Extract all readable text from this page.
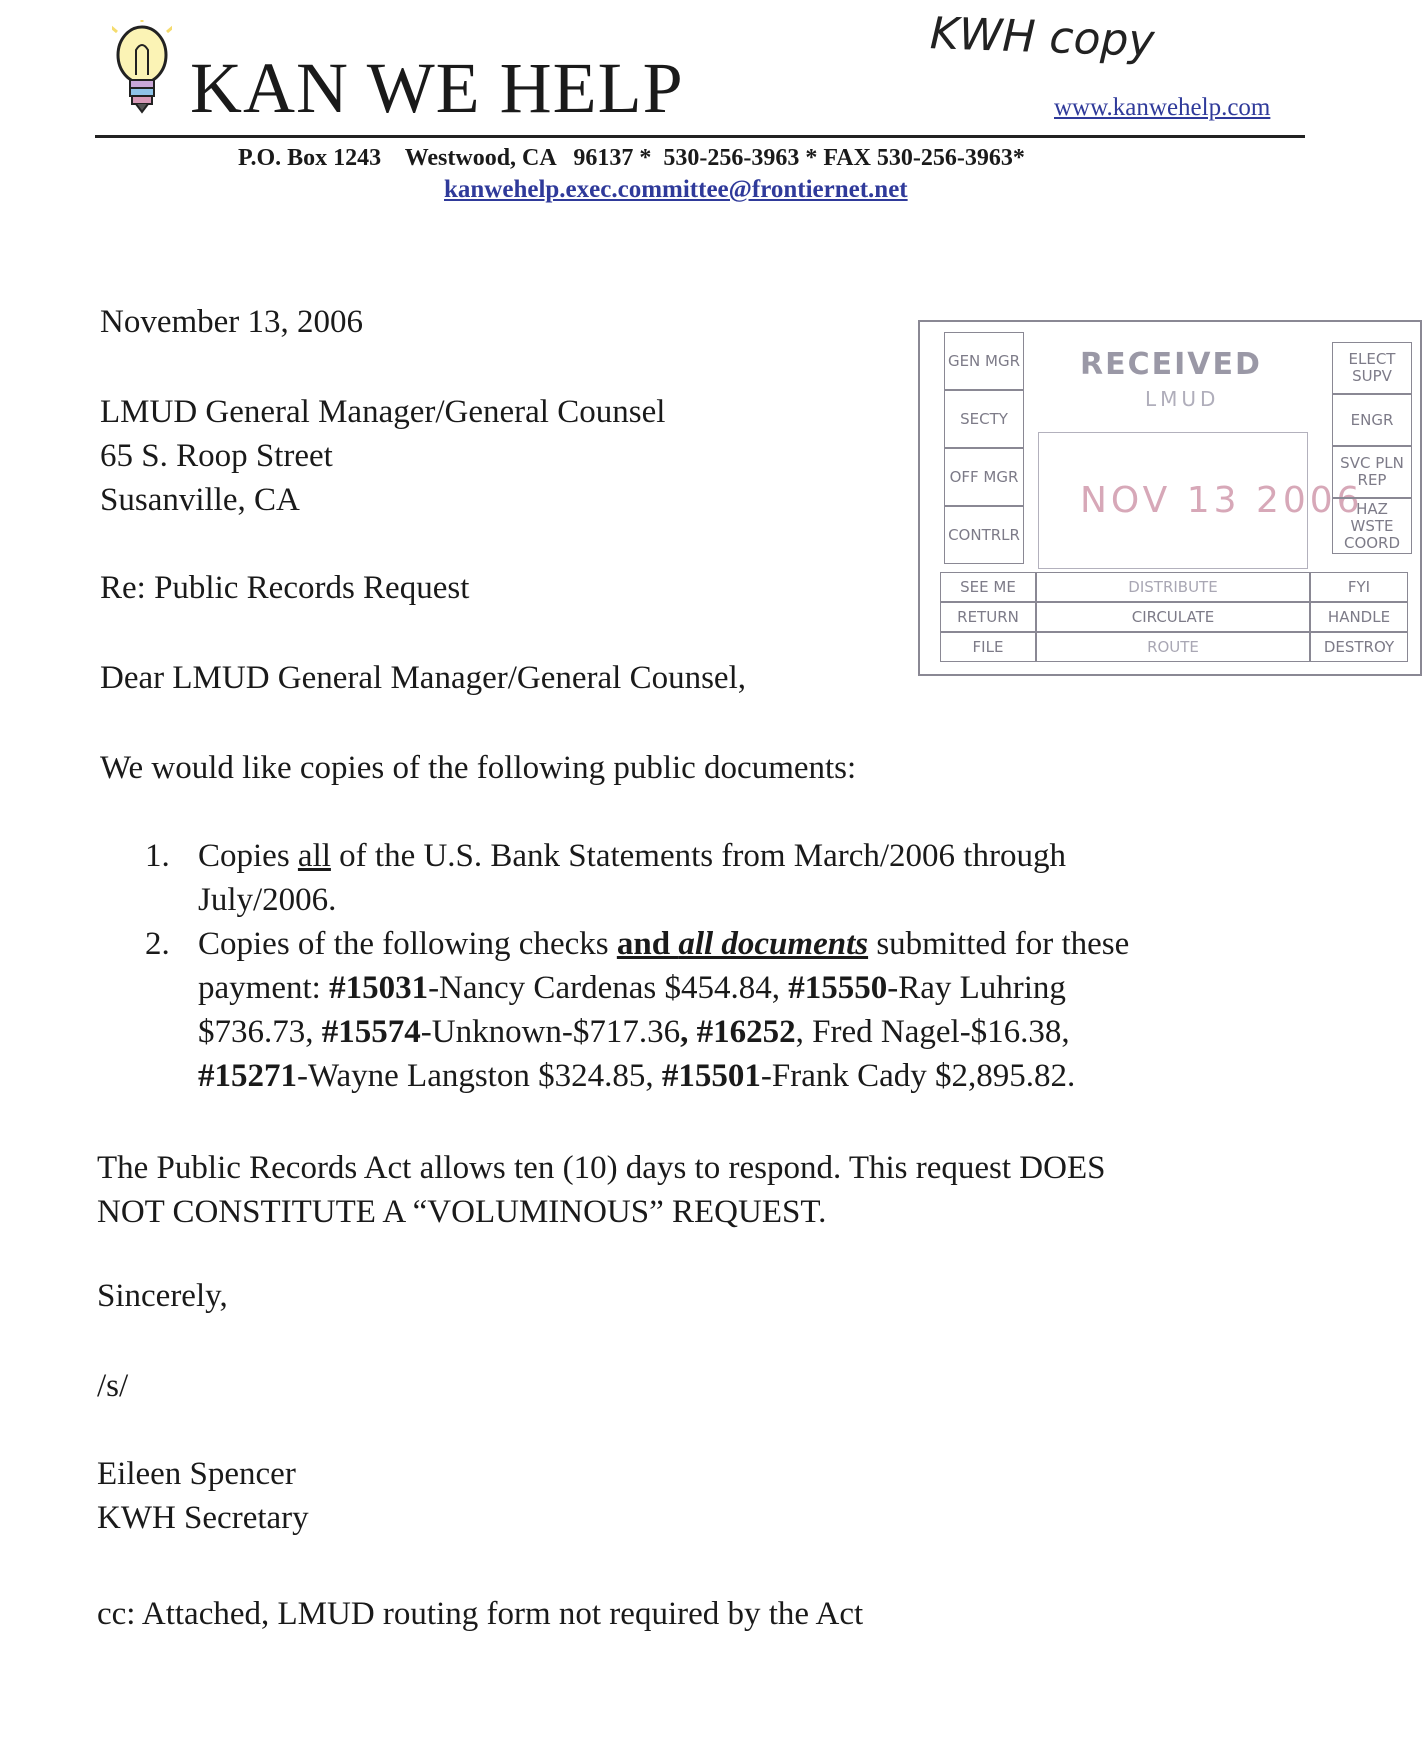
KAN WE HELP
KWH copy
www.kanwehelp.com
P.O. Box 1243    Westwood, CA   96137 *  530-256-3963 * FAX 530-256-3963*
kanwehelp.exec.committee@frontiernet.net
November 13, 2006
LMUD General Manager/General Counsel
65 S. Roop Street
Susanville, CA
Re: Public Records Request
Dear LMUD General Manager/General Counsel,
We would like copies of the following public documents:
1. Copies all of the U.S. Bank Statements from March/2006 through
July/2006.
2. Copies of the following checks and all documents submitted for these
payment: #15031-Nancy Cardenas $454.84, #15550-Ray Luhring
$736.73, #15574-Unknown-$717.36, #16252, Fred Nagel-$16.38,
#15271-Wayne Langston $324.85, #15501-Frank Cady $2,895.82.
The Public Records Act allows ten (10) days to respond. This request DOES
NOT CONSTITUTE A “VOLUMINOUS” REQUEST.
Sincerely,
/s/
Eileen Spencer
KWH Secretary
cc: Attached, LMUD routing form not required by the Act
RECEIVED
LMUD
NOV 13 2006
GEN MGR
SECTY
OFF MGR
CONTRLR
ELECT SUPV
ENGR
SVC PLN REP
HAZ WSTE COORD
SEE ME
RETURN
FILE
DISTRIBUTE
CIRCULATE
ROUTE
FYI
HANDLE
DESTROY
